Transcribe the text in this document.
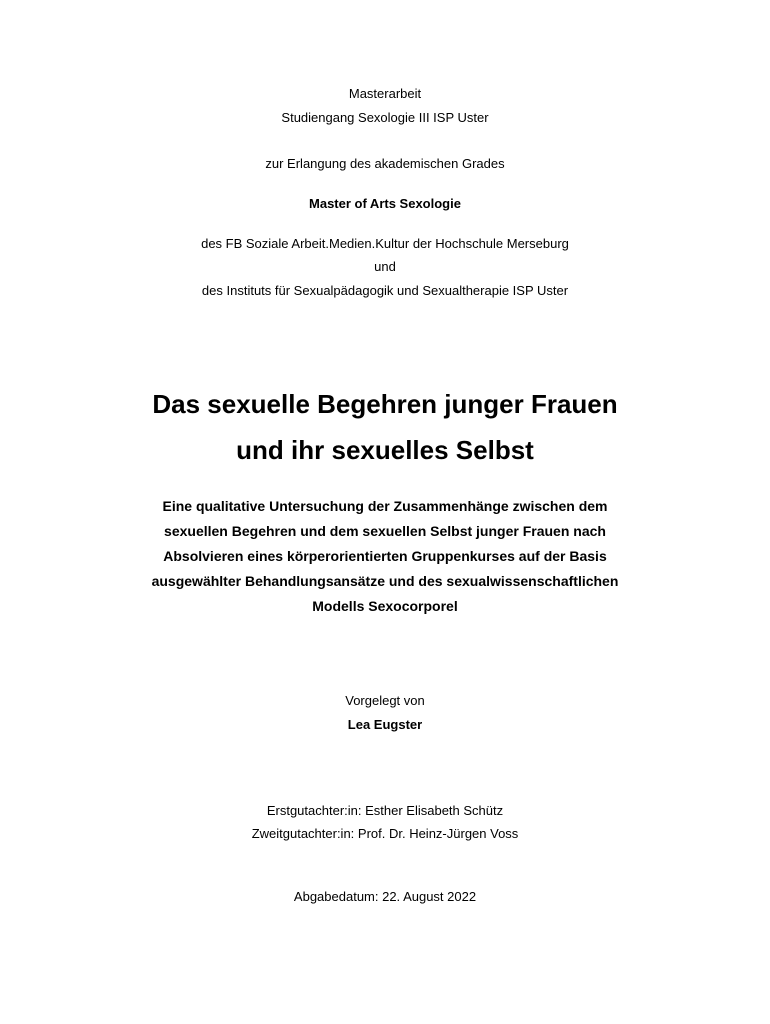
Masterarbeit
Studiengang Sexologie III ISP Uster
zur Erlangung des akademischen Grades
Master of Arts Sexologie
des FB Soziale Arbeit.Medien.Kultur der Hochschule Merseburg
und
des Instituts für Sexualpädagogik und Sexualtherapie ISP Uster
Das sexuelle Begehren junger Frauen
und ihr sexuelles Selbst
Eine qualitative Untersuchung der Zusammenhänge zwischen dem
sexuellen Begehren und dem sexuellen Selbst junger Frauen nach
Absolvieren eines körperorientierten Gruppenkurses auf der Basis
ausgewählter Behandlungsansätze und des sexualwissenschaftlichen
Modells Sexocorporel
Vorgelegt von
Lea Eugster
Erstgutachter:in: Esther Elisabeth Schütz
Zweitgutachter:in: Prof. Dr. Heinz-Jürgen Voss
Abgabedatum: 22. August 2022
